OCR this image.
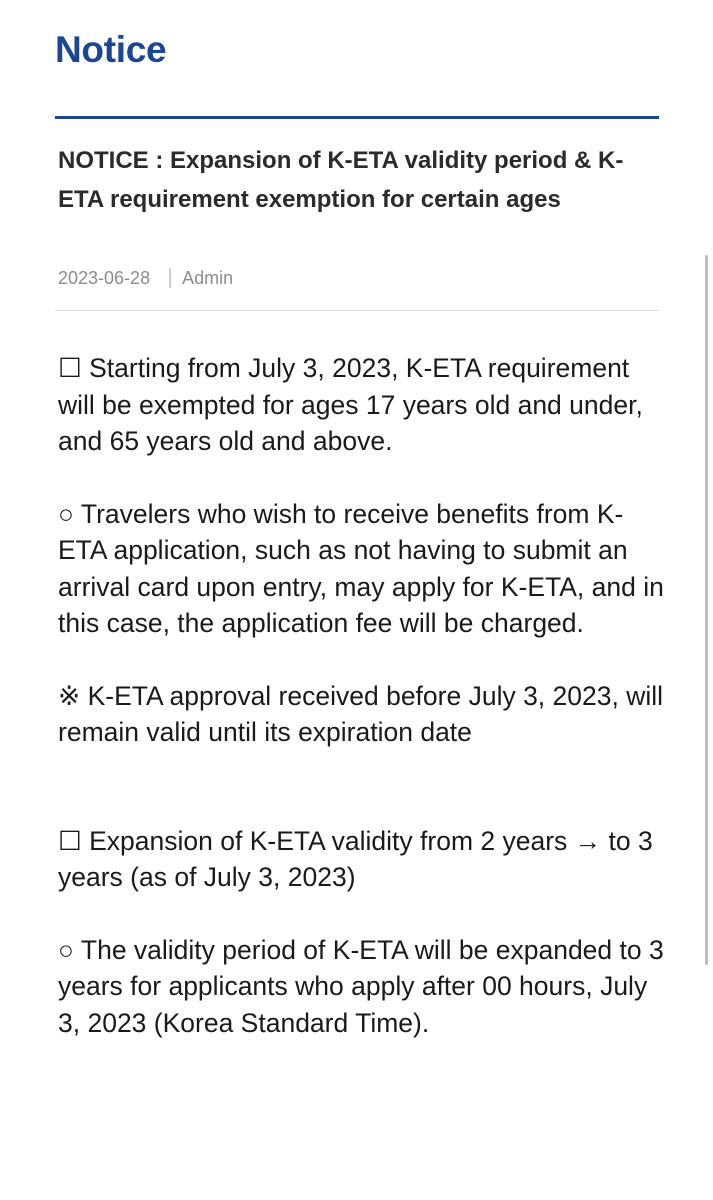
Notice
NOTICE : Expansion of K-ETA validity period & K-ETA requirement exemption for certain ages
2023-06-28 Admin

☐ Starting from July 3, 2023, K-ETA requirement will be exempted for ages 17 years old and under, and 65 years old and above.

○ Travelers who wish to receive benefits from K-ETA application, such as not having to submit an arrival card upon entry, may apply for K-ETA, and in this case, the application fee will be charged.

※ K-ETA approval received before July 3, 2023, will remain valid until its expiration date

☐ Expansion of K-ETA validity from 2 years → to 3 years (as of July 3, 2023)

○ The validity period of K-ETA will be expanded to 3 years for applicants who apply after 00 hours, July 3, 2023 (Korea Standard Time).
